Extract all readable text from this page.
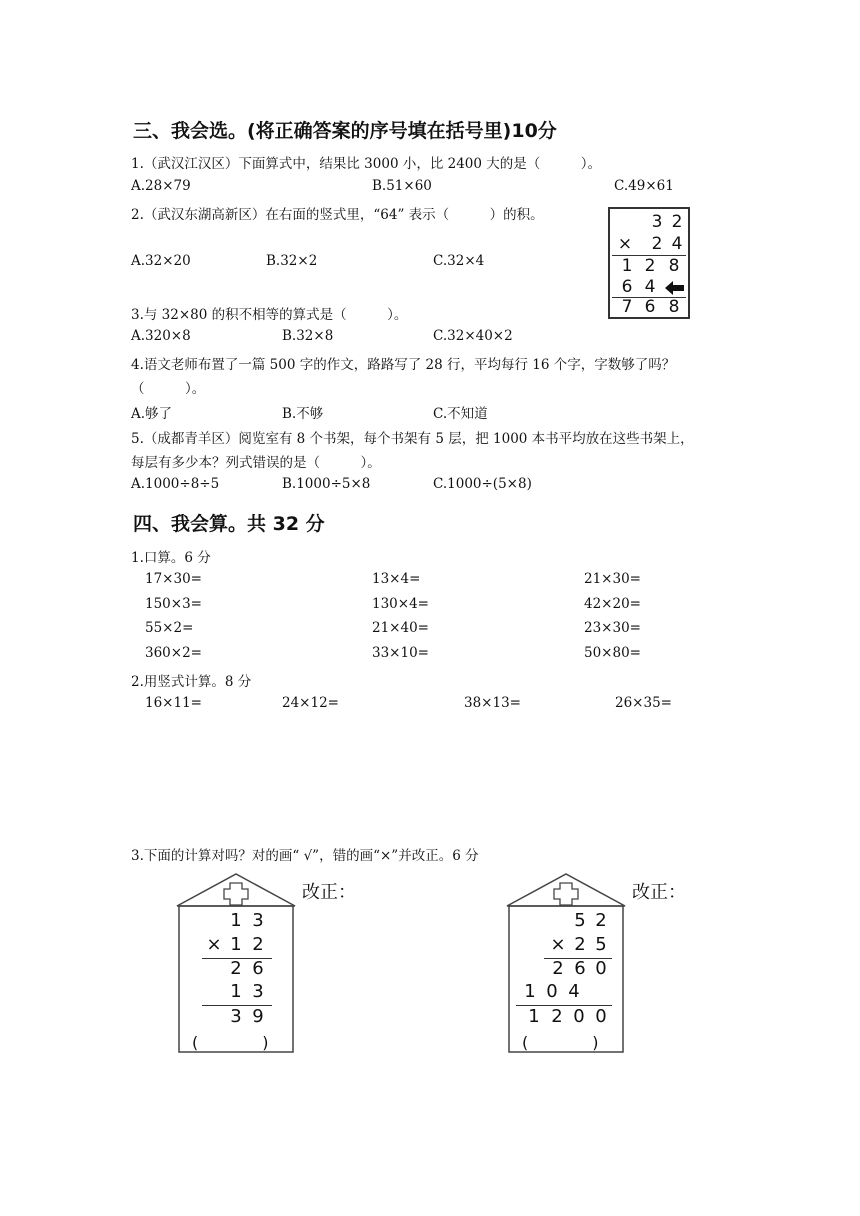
三、我会选。(将正确答案的序号填在括号里)10分
1.（武汉江汉区）下面算式中，结果比 3000 小，比 2400 大的是（　　　）。
A.28×79	B.51×60	C.49×61
2.（武汉东湖高新区）在右面的竖式里，“64” 表示（　　　）的积。
A.32×20	B.32×2	C.32×4
3 2
× 2 4
1 2 8
6 4
7 6 8
3.与 32×80 的积不相等的算式是（　　　）。
A.320×8	B.32×8	C.32×40×2
4.语文老师布置了一篇 500 字的作文，路路写了 28 行，平均每行 16 个字，字数够了吗？
（　　　）。
A.够了	B.不够	C.不知道
5.（成都青羊区）阅览室有 8 个书架，每个书架有 5 层，把 1000 本书平均放在这些书架上，
每层有多少本？列式错误的是（　　　）。
A.1000÷8÷5	B.1000÷5×8	C.1000÷(5×8)
四、我会算。共 32 分
1.口算。6 分
17×30=	13×4=	21×30=
150×3=	130×4=	42×20=
55×2=	21×40=	23×30=
360×2=	33×10=	50×80=
2.用竖式计算。8 分
16×11=	24×12=	38×13=	26×35=
3.下面的计算对吗？对的画“ √”，错的画“×”并改正。6 分
1 3
× 1 2
2 6
1 3
3 9
(　　　　)
改正：
5 2
× 2 5
2 6 0
1 0 4
1 2 0 0
(　　　　)
改正：
